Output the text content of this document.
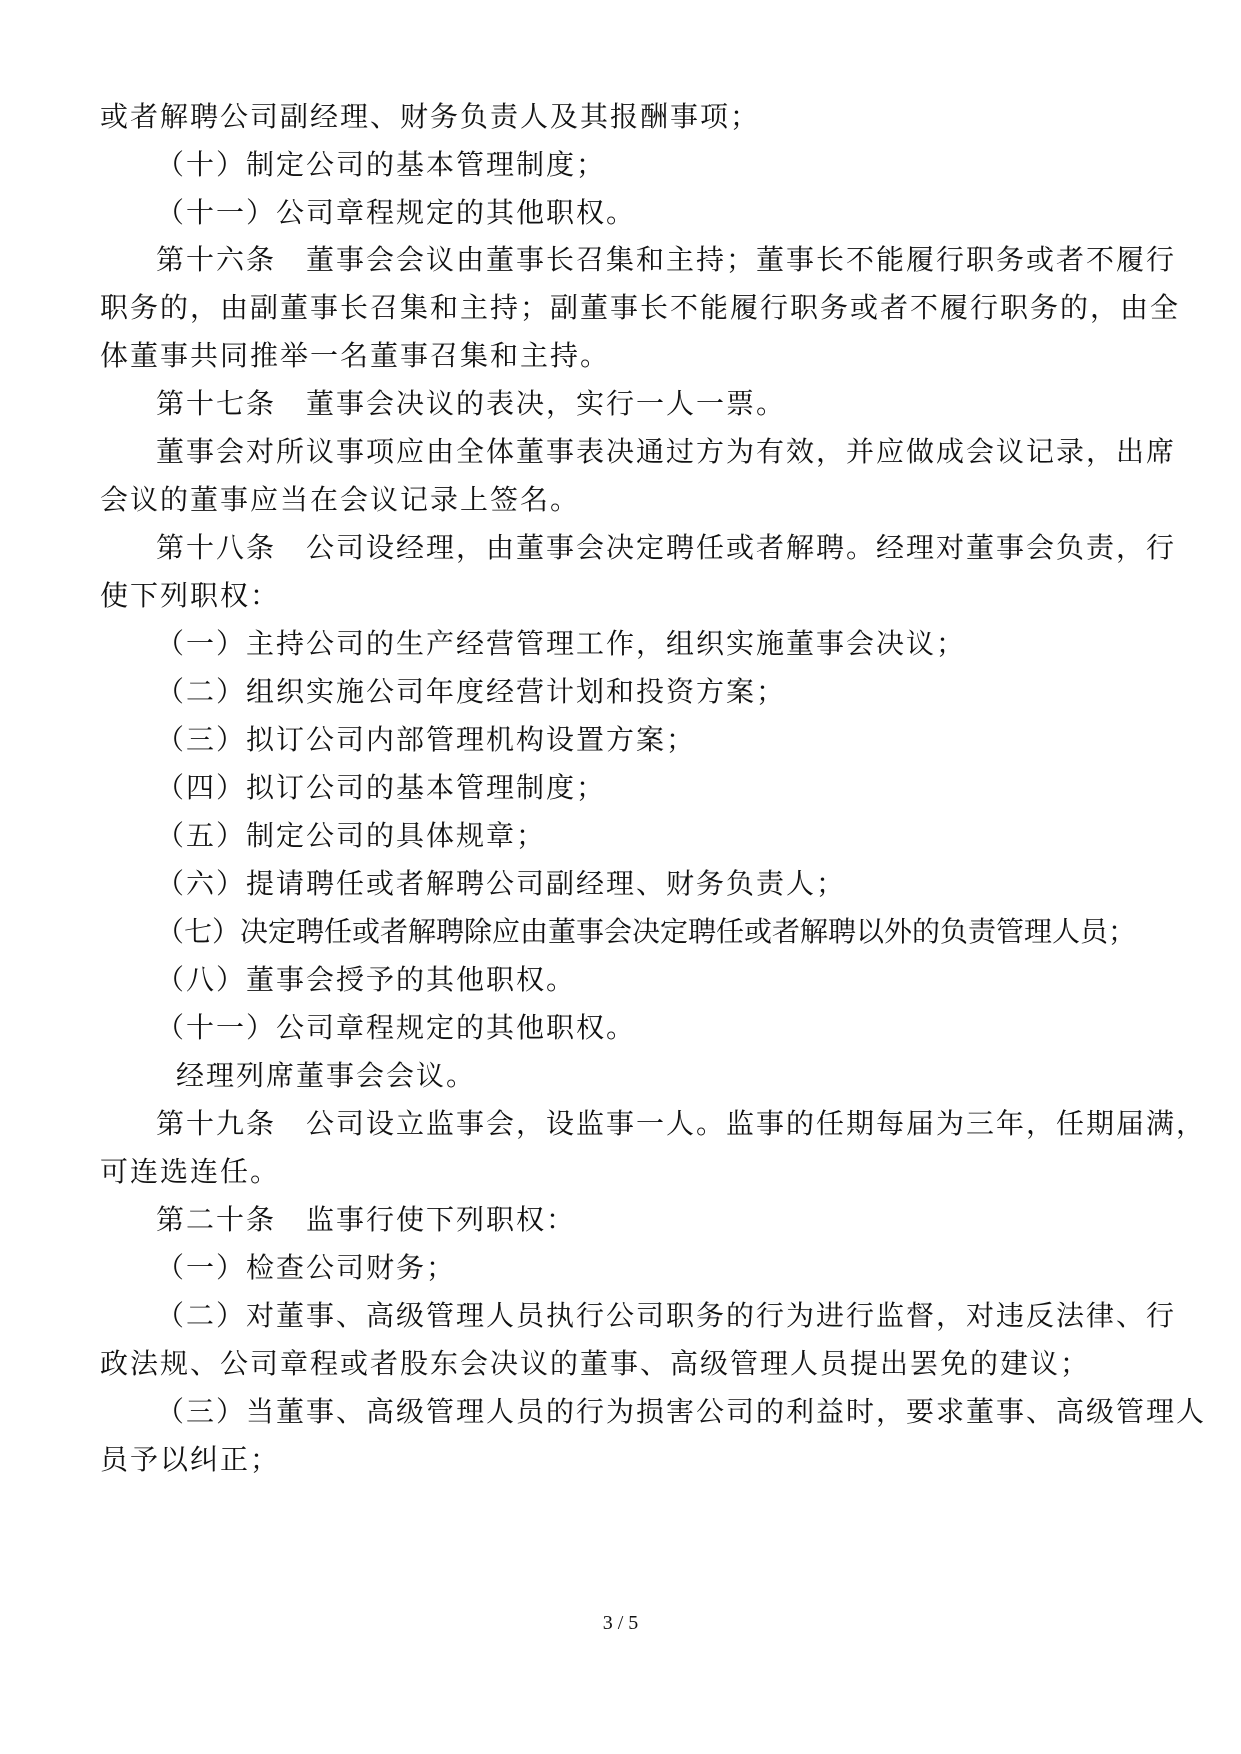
或者解聘公司副经理、财务负责人及其报酬事项；
（十）制定公司的基本管理制度；
（十一）公司章程规定的其他职权。
第十六条　董事会会议由董事长召集和主持；董事长不能履行职务或者不履行
职务的，由副董事长召集和主持；副董事长不能履行职务或者不履行职务的，由全
体董事共同推举一名董事召集和主持。
第十七条　董事会决议的表决，实行一人一票。
董事会对所议事项应由全体董事表决通过方为有效，并应做成会议记录，出席
会议的董事应当在会议记录上签名。
第十八条　公司设经理，由董事会决定聘任或者解聘。经理对董事会负责，行
使下列职权：
（一）主持公司的生产经营管理工作，组织实施董事会决议；
（二）组织实施公司年度经营计划和投资方案；
（三）拟订公司内部管理机构设置方案；
（四）拟订公司的基本管理制度；
（五）制定公司的具体规章；
（六）提请聘任或者解聘公司副经理、财务负责人；
（七）决定聘任或者解聘除应由董事会决定聘任或者解聘以外的负责管理人员；
（八）董事会授予的其他职权。
（十一）公司章程规定的其他职权。
经理列席董事会会议。
第十九条　公司设立监事会，设监事一人。监事的任期每届为三年，任期届满，
可连选连任。
第二十条　监事行使下列职权：
（一）检查公司财务；
（二）对董事、高级管理人员执行公司职务的行为进行监督，对违反法律、行
政法规、公司章程或者股东会决议的董事、高级管理人员提出罢免的建议；
（三）当董事、高级管理人员的行为损害公司的利益时，要求董事、高级管理人
员予以纠正；
3 / 5
